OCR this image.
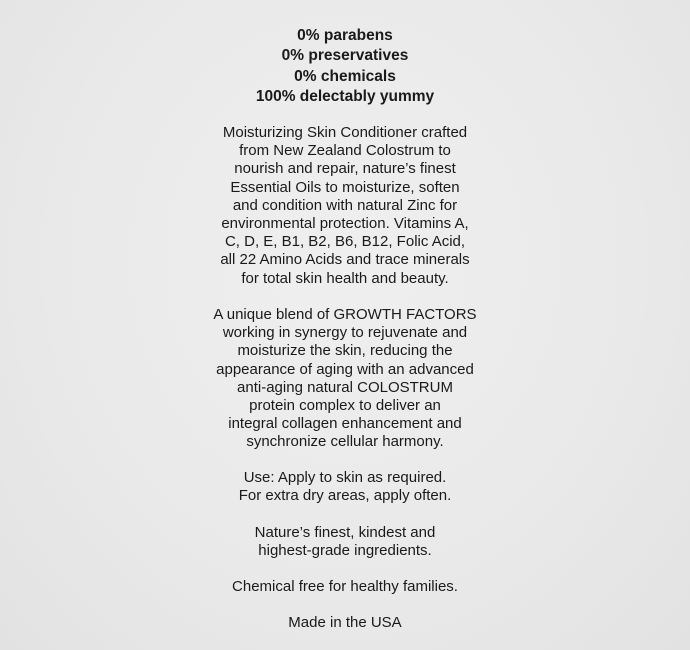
0% parabens
0% preservatives
0% chemicals
100% delectably yummy
Moisturizing Skin Conditioner crafted
from New Zealand Colostrum to
nourish and repair, nature’s finest
Essential Oils to moisturize, soften
and condition with natural Zinc for
environmental protection. Vitamins A,
C, D, E, B1, B2, B6, B12, Folic Acid,
all 22 Amino Acids and trace minerals
for total skin health and beauty.
A unique blend of GROWTH FACTORS
working in synergy to rejuvenate and
moisturize the skin, reducing the
appearance of aging with an advanced
anti-aging natural COLOSTRUM
protein complex to deliver an
integral collagen enhancement and
synchronize cellular harmony.
Use: Apply to skin as required.
For extra dry areas, apply often.
Nature’s finest, kindest and
highest-grade ingredients.
Chemical free for healthy families.
Made in the USA
